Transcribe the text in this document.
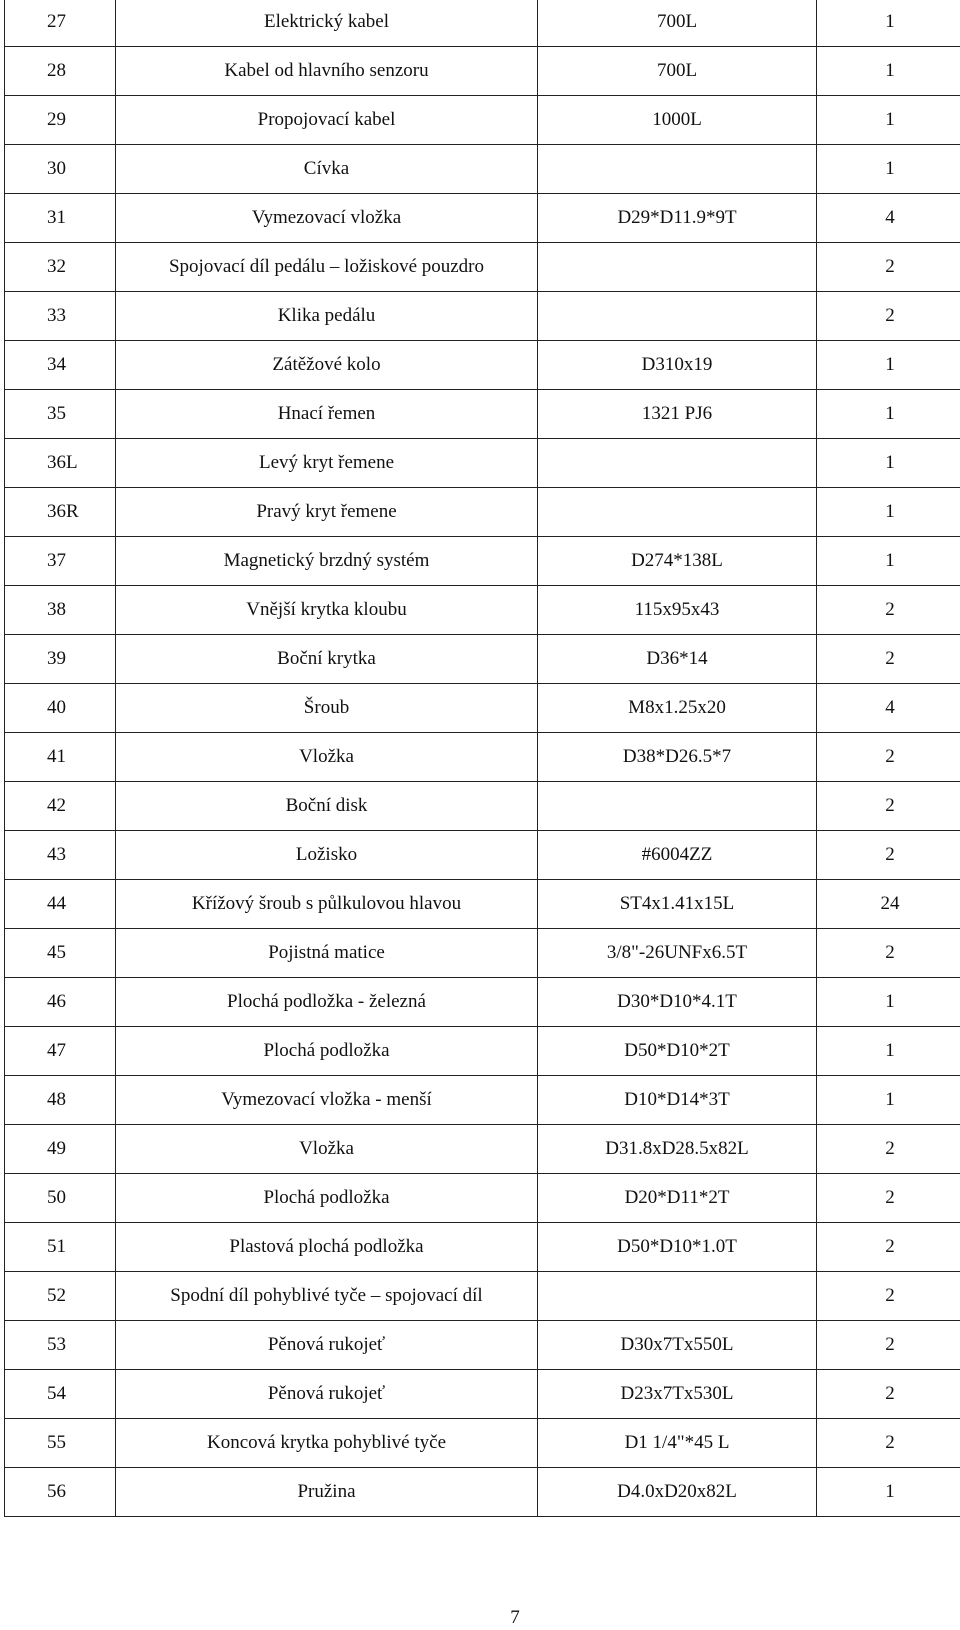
27	Elektrický kabel	700L	1
28	Kabel od hlavního senzoru	700L	1
29	Propojovací kabel	1000L	1
30	Cívka		1
31	Vymezovací vložka	D29*D11.9*9T	4
32	Spojovací díl pedálu – ložiskové pouzdro		2
33	Klika pedálu		2
34	Zátěžové kolo	D310x19	1
35	Hnací řemen	1321 PJ6	1
36L	Levý kryt řemene		1
36R	Pravý kryt řemene		1
37	Magnetický brzdný systém	D274*138L	1
38	Vnější krytka kloubu	115x95x43	2
39	Boční krytka	D36*14	2
40	Šroub	M8x1.25x20	4
41	Vložka	D38*D26.5*7	2
42	Boční disk		2
43	Ložisko	#6004ZZ	2
44	Křížový šroub s půlkulovou hlavou	ST4x1.41x15L	24
45	Pojistná matice	3/8"-26UNFx6.5T	2
46	Plochá podložka - železná	D30*D10*4.1T	1
47	Plochá podložka	D50*D10*2T	1
48	Vymezovací vložka - menší	D10*D14*3T	1
49	Vložka	D31.8xD28.5x82L	2
50	Plochá podložka	D20*D11*2T	2
51	Plastová plochá podložka	D50*D10*1.0T	2
52	Spodní díl pohyblivé tyče – spojovací díl		2
53	Pěnová rukojeť	D30x7Tx550L	2
54	Pěnová rukojeť	D23x7Tx530L	2
55	Koncová krytka pohyblivé tyče	D1 1/4"*45 L	2
56	Pružina	D4.0xD20x82L	1
7
